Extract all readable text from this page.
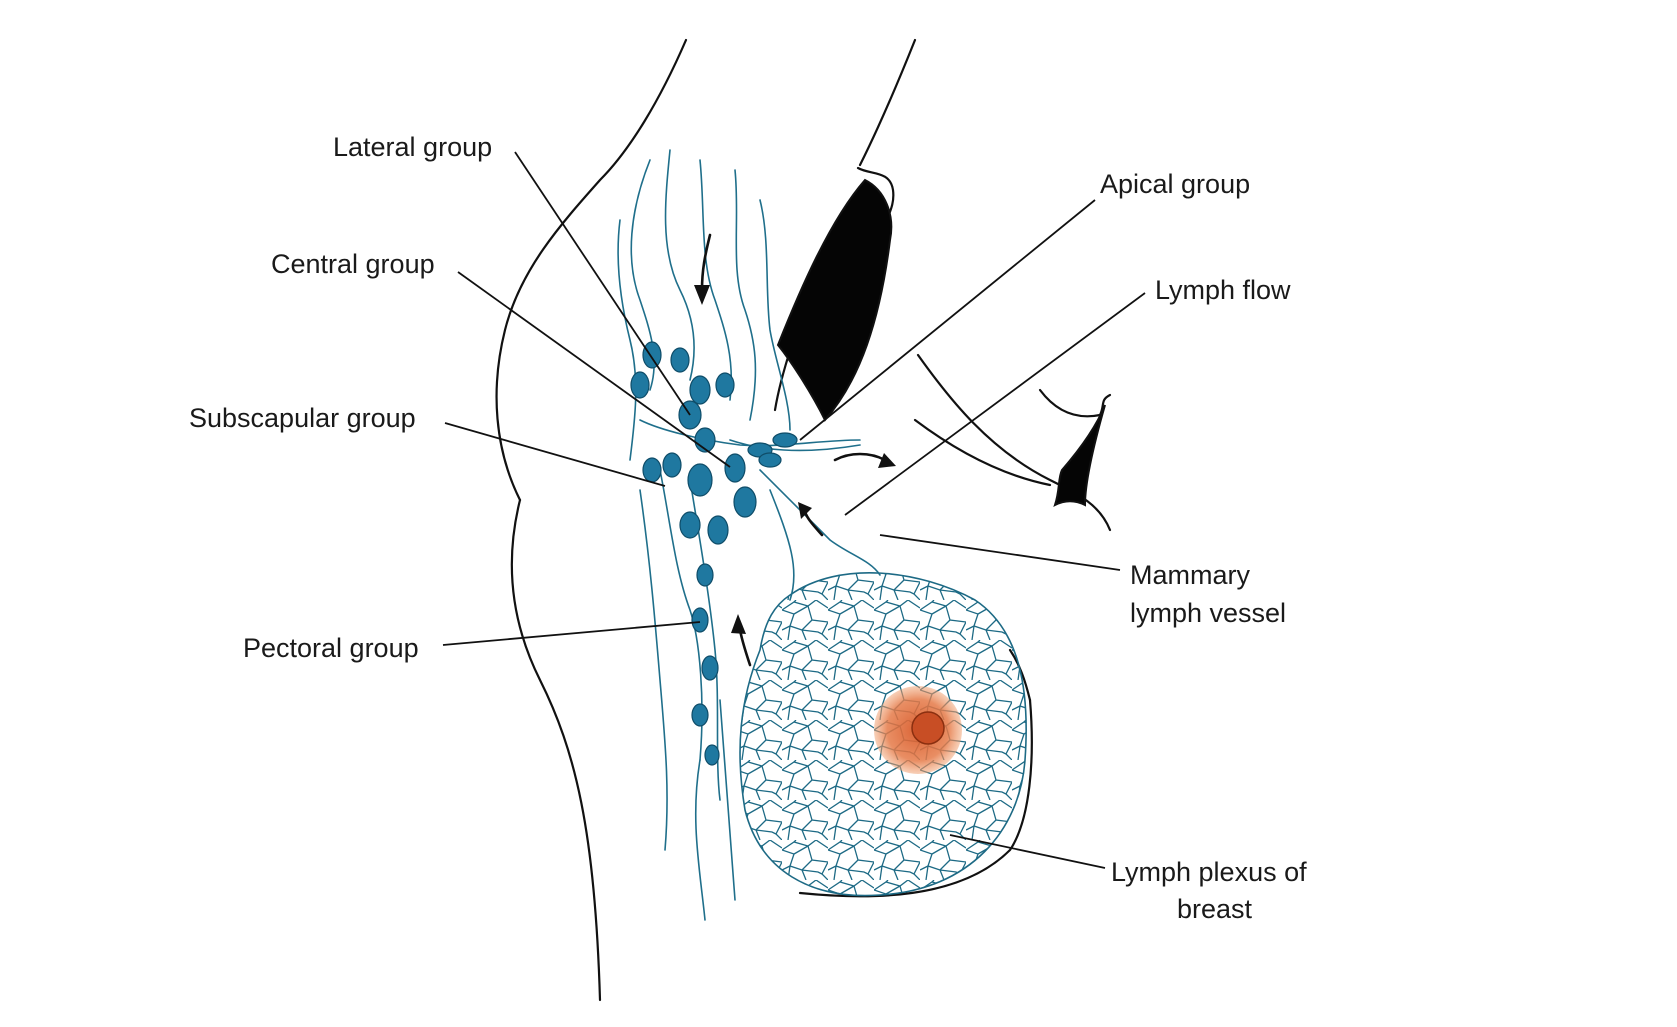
Lateral group
Central group
Subscapular group
Pectoral group
Apical group
Lymph flow
Mammary
lymph vessel
Lymph plexus of
breast
